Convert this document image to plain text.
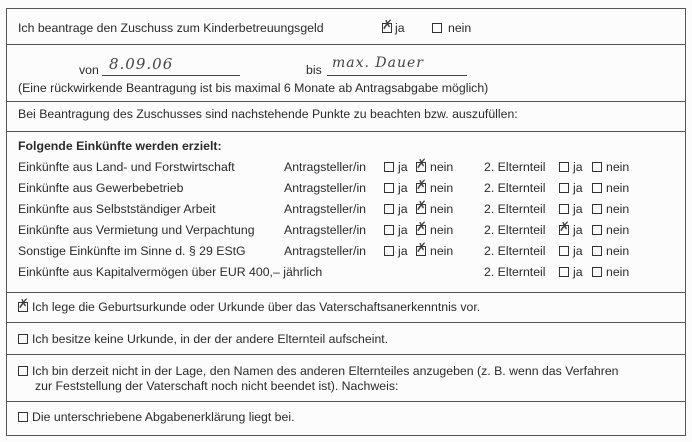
Ich beantrage den Zuschuss zum Kinderbetreuungsgeld ✗	ja	nein
von 8.09.06	bis max. Dauer
(Eine rückwirkende Beantragung ist bis maximal 6 Monate ab Antragsabgabe möglich)
Bei Beantragung des Zuschusses sind nachstehende Punkte zu beachten bzw. auszufüllen:
Folgende Einkünfte werden erzielt:
Einkünfte aus Land- und Forstwirtschaft	Antragsteller/in	ja ✗	nein	2. Elternteil	ja	nein
Einkünfte aus Gewerbebetrieb	Antragsteller/in	ja ✗	nein	2. Elternteil	ja	nein
Einkünfte aus Selbstständiger Arbeit	Antragsteller/in	ja ✗	nein	2. Elternteil	ja	nein
Einkünfte aus Vermietung und Verpachtung Antragsteller/in	ja ✗	nein	2. Elternteil ✗	ja	nein
Sonstige Einkünfte im Sinne d. § 29 EStG	Antragsteller/in	ja ✗	nein	2. Elternteil	ja	nein
Einkünfte aus Kapitalvermögen über EUR 400,– jährlich	2. Elternteil	ja	nein
✗Ich lege die Geburtsurkunde oder Urkunde über das Vaterschaftsanerkenntnis vor.
Ich besitze keine Urkunde, in der der andere Elternteil aufscheint.
Ich bin derzeit nicht in der Lage, den Namen des anderen Elternteiles anzugeben (z. B. wenn das Verfahren
zur Feststellung der Vaterschaft noch nicht beendet ist). Nachweis:
Die unterschriebene Abgabenerklärung liegt bei.
